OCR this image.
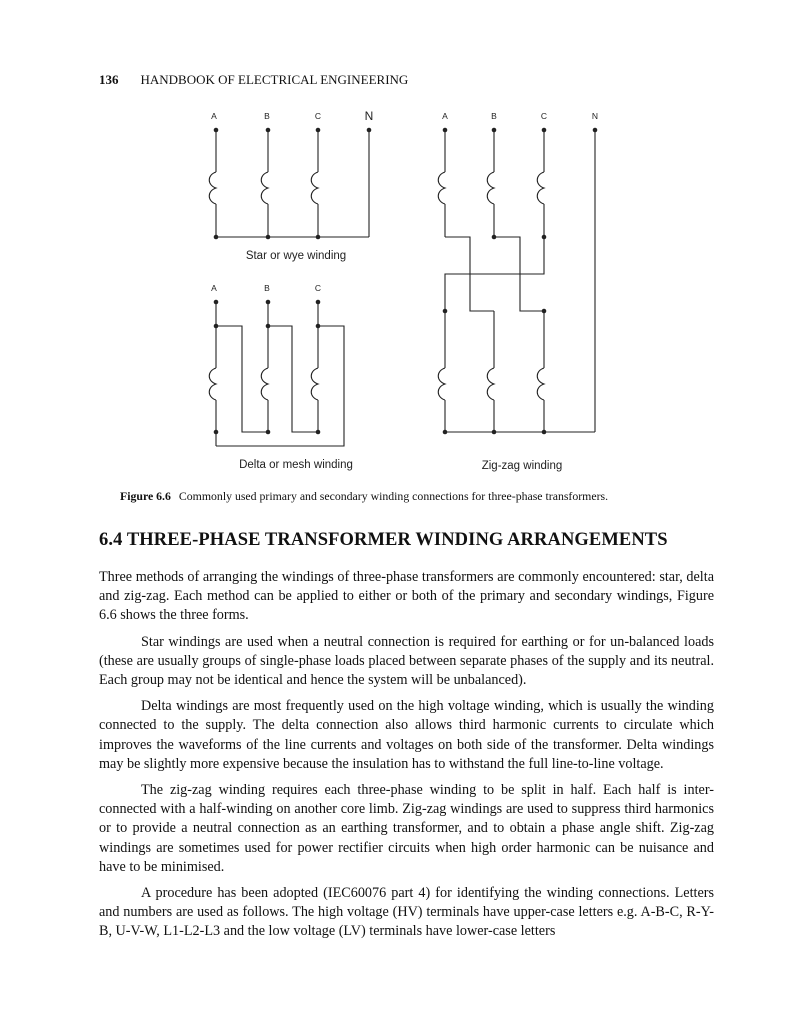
136 HANDBOOK OF ELECTRICAL ENGINEERING
A	B	C	N
Star or wye winding
A	B	C
Delta or mesh winding
A	B	C	N
Zig-zag winding
Figure 6.6 Commonly used primary and secondary winding connections for three-phase transformers.
6.4 THREE-PHASE TRANSFORMER WINDING ARRANGEMENTS

Three methods of arranging the windings of three-phase transformers are commonly encountered: star, delta and zig-zag. Each method can be applied to either or both of the primary and secondary windings, Figure 6.6 shows the three forms.

Star windings are used when a neutral connection is required for earthing or for un-balanced loads (these are usually groups of single-phase loads placed between separate phases of the supply and its neutral. Each group may not be identical and hence the system will be unbalanced).

Delta windings are most frequently used on the high voltage winding, which is usually the winding connected to the supply. The delta connection also allows third harmonic currents to circulate which improves the waveforms of the line currents and voltages on both side of the transformer. Delta windings may be slightly more expensive because the insulation has to withstand the full line-to-line voltage.

The zig-zag winding requires each three-phase winding to be split in half. Each half is inter-connected with a half-winding on another core limb. Zig-zag windings are used to suppress third harmonics or to provide a neutral connection as an earthing transformer, and to obtain a phase angle shift. Zig-zag windings are sometimes used for power rectifier circuits when high order harmonic can be nuisance and have to be minimised.

A procedure has been adopted (IEC60076 part 4) for identifying the winding connections. Letters and numbers are used as follows. The high voltage (HV) terminals have upper-case letters e.g. A-B-C, R-Y-B, U-V-W, L1-L2-L3 and the low voltage (LV) terminals have lower-case letters
